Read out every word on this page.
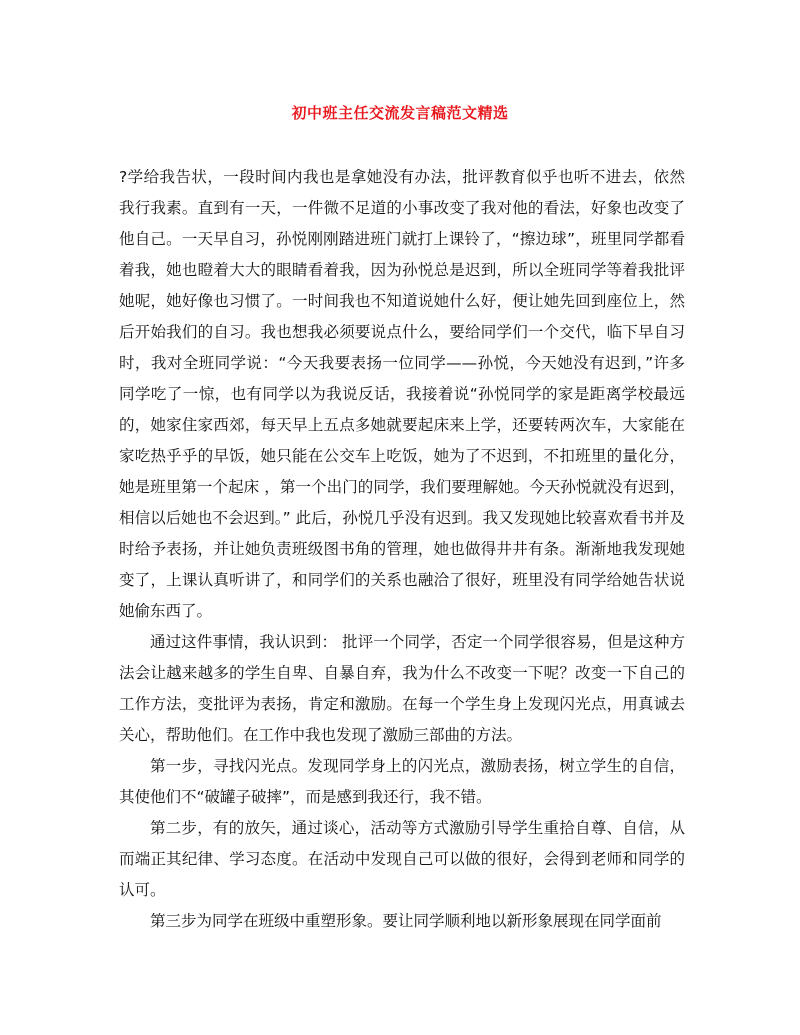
初中班主任交流发言稿范文精选

?学给我告状，一段时间内我也是拿她没有办法，批评教育似乎也听不进去，依然我行我素。直到有一天，一件微不足道的小事改变了我对他的看法，好象也改变了他自己。一天早自习，孙悦刚刚踏进班门就打上课铃了，“擦边球”，班里同学都看着我，她也瞪着大大的眼睛看着我，因为孙悦总是迟到，所以全班同学等着我批评她呢，她好像也习惯了。一时间我也不知道说她什么好，便让她先回到座位上，然后开始我们的自习。我也想我必须要说点什么，要给同学们一个交代，临下早自习时，我对全班同学说：“今天我要表扬一位同学——孙悦，今天她没有迟到，”许多同学吃了一惊，也有同学以为我说反话，我接着说“孙悦同学的家是距离学校最远的，她家住家西郊，每天早上五点多她就要起床来上学，还要转两次车，大家能在家吃热乎乎的早饭，她只能在公交车上吃饭，她为了不迟到，不扣班里的量化分，她是班里第一个起床 ，第一个出门的同学，我们要理解她。今天孙悦就没有迟到，相信以后她也不会迟到。” 此后，孙悦几乎没有迟到。我又发现她比较喜欢看书并及时给予表扬，并让她负责班级图书角的管理，她也做得井井有条。渐渐地我发现她变了，上课认真听讲了，和同学们的关系也融洽了很好，班里没有同学给她告状说她偷东西了。

通过这件事情，我认识到： 批评一个同学，否定一个同学很容易，但是这种方法会让越来越多的学生自卑、自暴自弃，我为什么不改变一下呢？改变一下自己的工作方法，变批评为表扬，肯定和激励。在每一个学生身上发现闪光点，用真诚去关心，帮助他们。在工作中我也发现了激励三部曲的方法。

第一步，寻找闪光点。发现同学身上的闪光点，激励表扬，树立学生的自信，其使他们不“破罐子破摔”，而是感到我还行，我不错。

第二步，有的放矢，通过谈心，活动等方式激励引导学生重拾自尊、自信，从而端正其纪律、学习态度。在活动中发现自己可以做的很好，会得到老师和同学的认可。

第三步为同学在班级中重塑形象。要让同学顺利地以新形象展现在同学面前
